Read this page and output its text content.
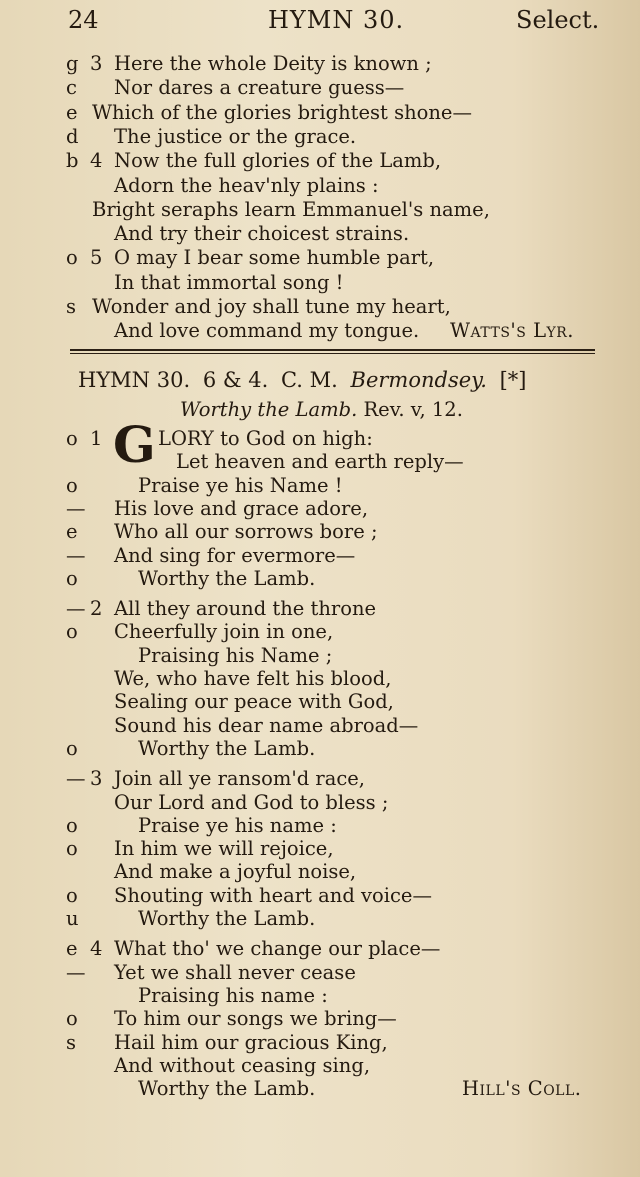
24	HYMN 30.	Select.
g 3 Here the whole Deity is known ;
c Nor dares a creature guess—
e Which of the glories brightest shone—
d The justice or the grace.
b 4 Now the full glories of the Lamb,
Adorn the heav'nly plains :
Bright seraphs learn Emmanuel's name,
And try their choicest strains.
o 5 O may I bear some humble part,
In that immortal song !
s Wonder and joy shall tune my heart,
And love command my tongue. Watts's Lyr.
HYMN 30. 6 & 4. C. M. Bermondsey. [*]
Worthy the Lamb. Rev. v, 12.
G
o 1	LORY to God on high:
Let heaven and earth reply—
o	Praise ye his Name !
— His love and grace adore,
e Who all our sorrows bore ;
— And sing for evermore—
o	Worthy the Lamb.
— 2 All they around the throne
o Cheerfully join in one,
Praising his Name ;
We, who have felt his blood,
Sealing our peace with God,
Sound his dear name abroad—
o	Worthy the Lamb.
— 3 Join all ye ransom'd race,
Our Lord and God to bless ;
o	Praise ye his name :
o In him we will rejoice,
And make a joyful noise,
o Shouting with heart and voice—
u	Worthy the Lamb.
e 4 What tho' we change our place—
— Yet we shall never cease
Praising his name :
o To him our songs we bring—
s Hail him our gracious King,
And without ceasing sing,
Worthy the Lamb.	Hill's Coll.
